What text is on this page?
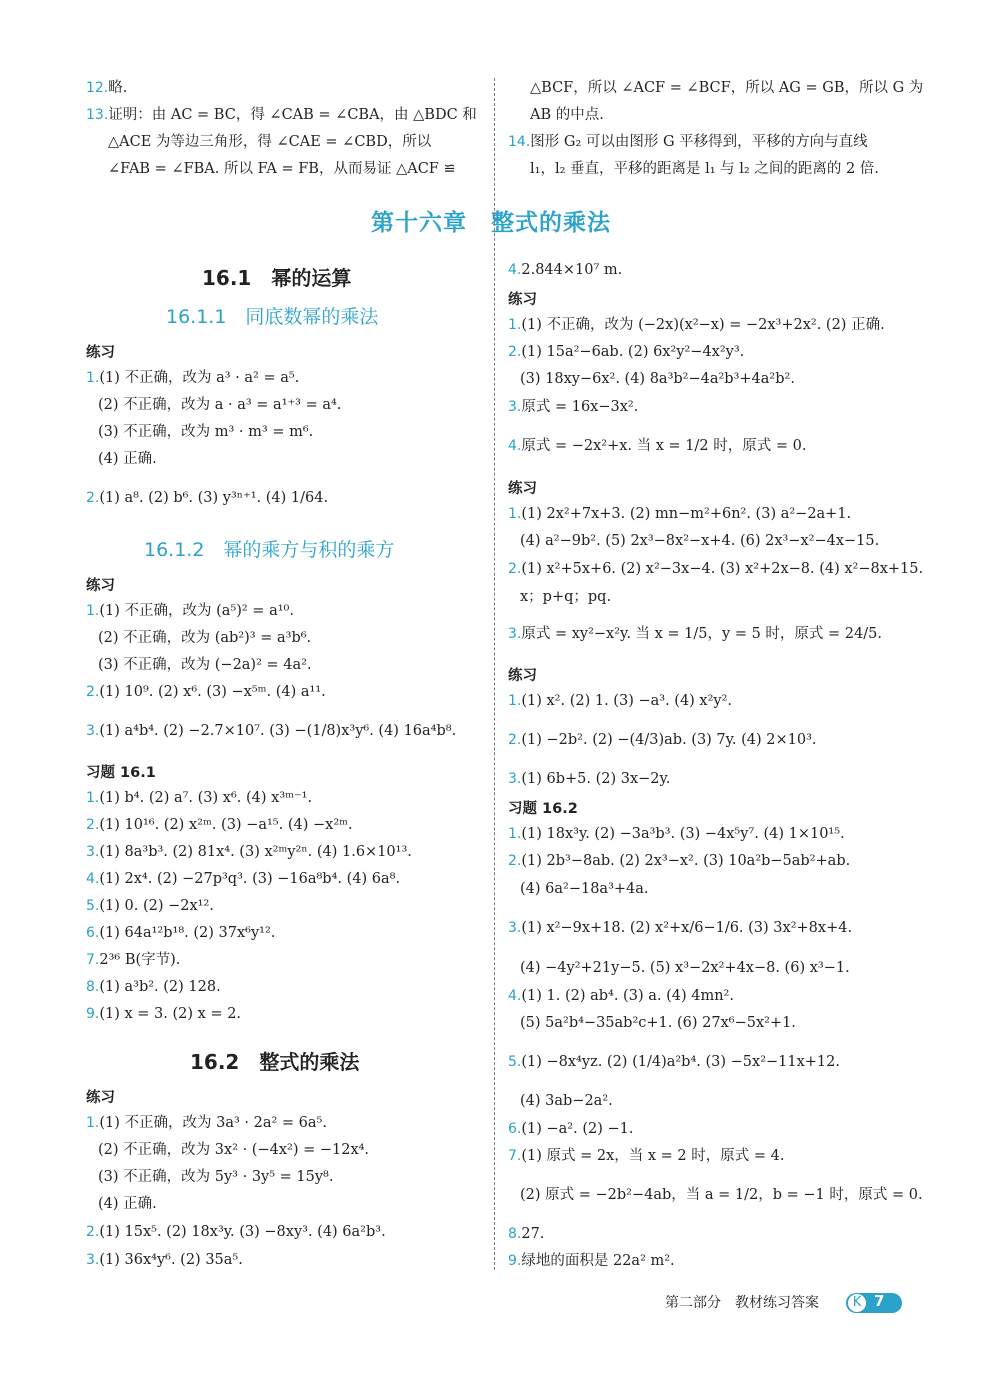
12.略.
13.证明：由 AC = BC，得 ∠CAB = ∠CBA，由 △BDC 和
△ACE 为等边三角形，得 ∠CAE = ∠CBD，所以
∠FAB = ∠FBA. 所以 FA = FB，从而易证 △ACF ≌
△BCF，所以 ∠ACF = ∠BCF，所以 AG = GB，所以 G 为
AB 的中点.
14.图形 G₂ 可以由图形 G 平移得到，平移的方向与直线
l₁，l₂ 垂直，平移的距离是 l₁ 与 l₂ 之间的距离的 2 倍.
第十六章　整式的乘法
16.1　幂的运算
16.1.1　同底数幂的乘法
练习
1.(1) 不正确，改为 a³ · a² = a⁵.
(2) 不正确，改为 a · a³ = a¹⁺³ = a⁴.
(3) 不正确，改为 m³ · m³ = m⁶.
(4) 正确.
2.(1) a⁸. (2) b⁶. (3) y³ⁿ⁺¹. (4) 1/64.
16.1.2　幂的乘方与积的乘方
练习
1.(1) 不正确，改为 (a⁵)² = a¹⁰.
(2) 不正确，改为 (ab²)³ = a³b⁶.
(3) 不正确，改为 (−2a)² = 4a².
2.(1) 10⁹. (2) x⁶. (3) −x⁵ᵐ. (4) a¹¹.
3.(1) a⁴b⁴. (2) −2.7×10⁷. (3) −(1/8)x³y⁶. (4) 16a⁴b⁸.
习题 16.1
1.(1) b⁴. (2) a⁷. (3) x⁶. (4) x³ᵐ⁻¹.
2.(1) 10¹⁶. (2) x²ᵐ. (3) −a¹⁵. (4) −x²ᵐ.
3.(1) 8a³b³. (2) 81x⁴. (3) x²ᵐy²ⁿ. (4) 1.6×10¹³.
4.(1) 2x⁴. (2) −27p³q³. (3) −16a⁸b⁴. (4) 6a⁸.
5.(1) 0. (2) −2x¹².
6.(1) 64a¹²b¹⁸. (2) 37x⁶y¹².
7.2³⁶ B(字节).
8.(1) a³b². (2) 128.
9.(1) x = 3. (2) x = 2.
16.2　整式的乘法
练习
1.(1) 不正确，改为 3a³ · 2a² = 6a⁵.
(2) 不正确，改为 3x² · (−4x²) = −12x⁴.
(3) 不正确，改为 5y³ · 3y⁵ = 15y⁸.
(4) 正确.
2.(1) 15x⁵. (2) 18x³y. (3) −8xy³. (4) 6a²b³.
3.(1) 36x⁴y⁶. (2) 35a⁵.
4.2.844×10⁷ m.
练习
1.(1) 不正确，改为 (−2x)(x²−x) = −2x³+2x². (2) 正确.
2.(1) 15a²−6ab. (2) 6x²y²−4x²y³.
(3) 18xy−6x². (4) 8a³b²−4a²b³+4a²b².
3.原式 = 16x−3x².
4.原式 = −2x²+x. 当 x = 1/2 时，原式 = 0.
练习
1.(1) 2x²+7x+3. (2) mn−m²+6n². (3) a²−2a+1.
(4) a²−9b². (5) 2x³−8x²−x+4. (6) 2x³−x²−4x−15.
2.(1) x²+5x+6. (2) x²−3x−4. (3) x²+2x−8. (4) x²−8x+15.
x；p+q；pq.
3.原式 = xy²−x²y. 当 x = 1/5，y = 5 时，原式 = 24/5.
练习
1.(1) x². (2) 1. (3) −a³. (4) x²y².
2.(1) −2b². (2) −(4/3)ab. (3) 7y. (4) 2×10³.
3.(1) 6b+5. (2) 3x−2y.
习题 16.2
1.(1) 18x³y. (2) −3a³b³. (3) −4x⁵y⁷. (4) 1×10¹⁵.
2.(1) 2b³−8ab. (2) 2x³−x². (3) 10a²b−5ab²+ab.
(4) 6a²−18a³+4a.
3.(1) x²−9x+18. (2) x²+x/6−1/6. (3) 3x²+8x+4.
(4) −4y²+21y−5. (5) x³−2x²+4x−8. (6) x³−1.
4.(1) 1. (2) ab⁴. (3) a. (4) 4mn².
(5) 5a²b⁴−35ab²c+1. (6) 27x⁶−5x²+1.
5.(1) −8x⁴yz. (2) (1/4)a²b⁴. (3) −5x²−11x+12.
(4) 3ab−2a².
6.(1) −a². (2) −1.
7.(1) 原式 = 2x，当 x = 2 时，原式 = 4.
(2) 原式 = −2b²−4ab，当 a = 1/2，b = −1 时，原式 = 0.
8.27.
9.绿地的面积是 22a² m².
第二部分　教材练习答案	K 7
